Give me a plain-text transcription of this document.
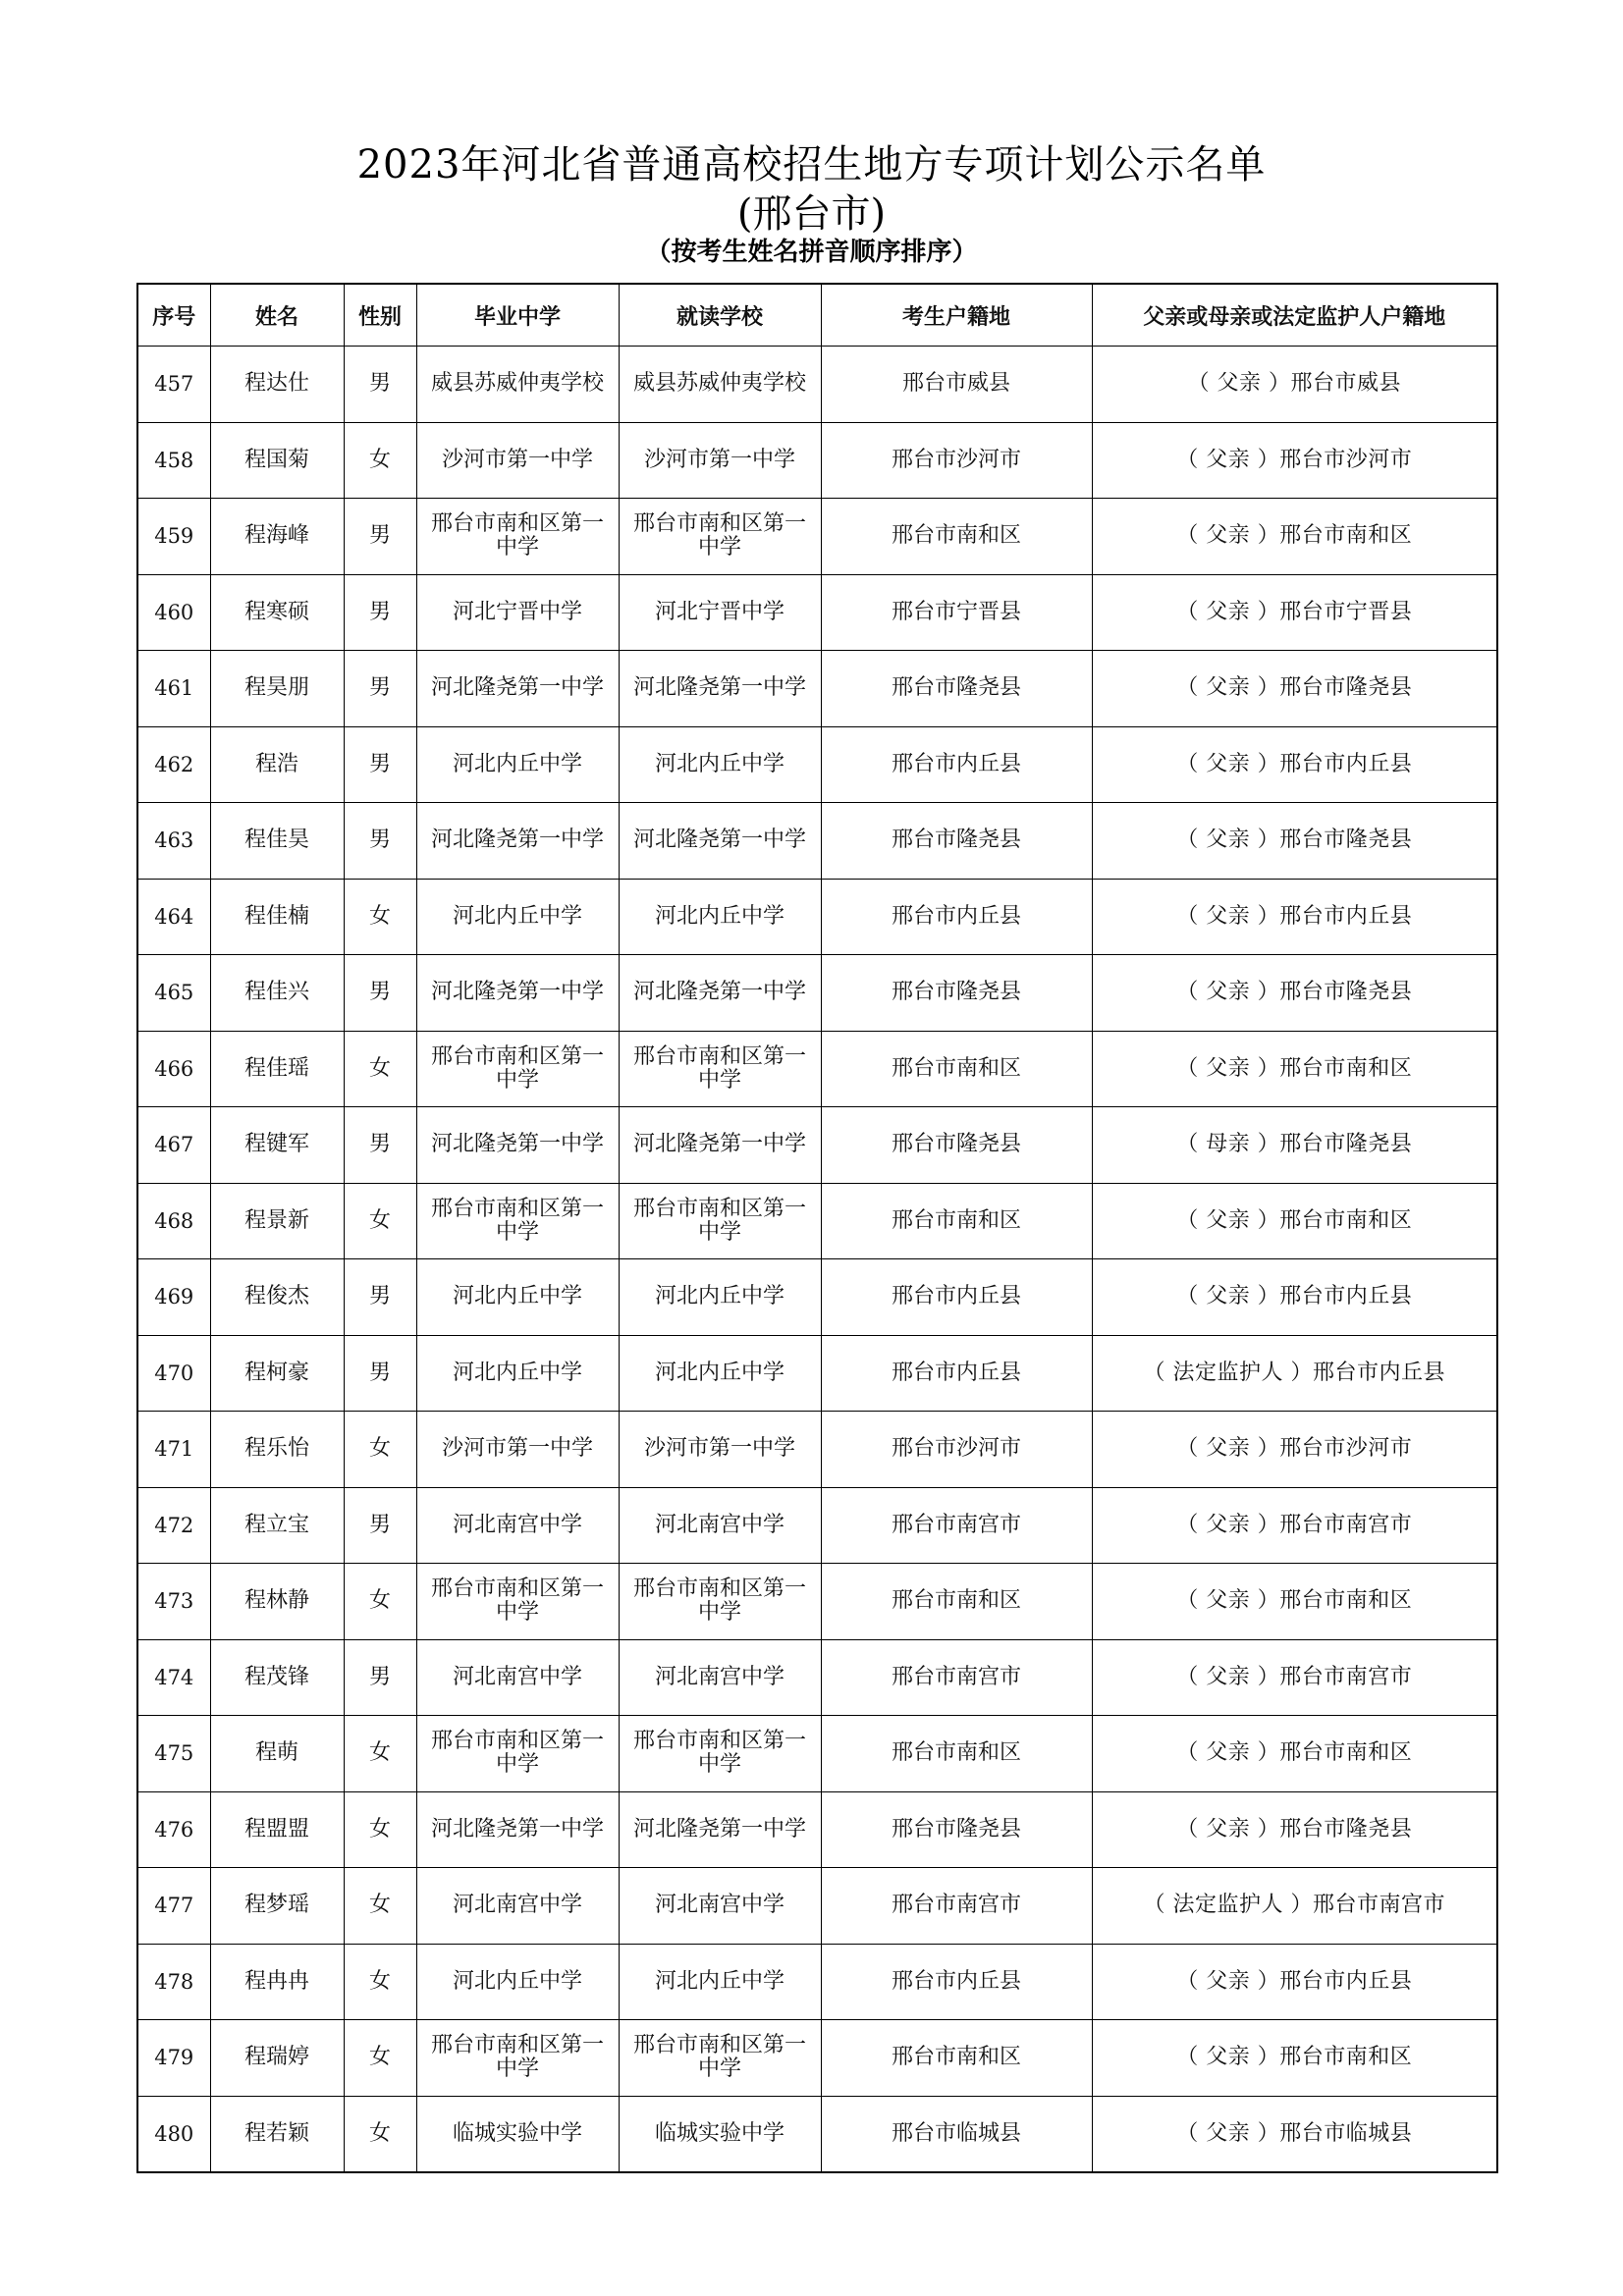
2023年河北省普通高校招生地方专项计划公示名单
(邢台市)
（按考生姓名拼音顺序排序）
序号	姓名	性别	毕业中学	就读学校	考生户籍地	父亲或母亲或法定监护人户籍地
457	程达仕	男	威县苏威仲夷学校	威县苏威仲夷学校	邢台市威县	（ 父亲 ）邢台市威县
458	程国菊	女	沙河市第一中学	沙河市第一中学	邢台市沙河市	（ 父亲 ）邢台市沙河市
459	程海峰	男	邢台市南和区第一中学	邢台市南和区第一中学	邢台市南和区	（ 父亲 ）邢台市南和区
460	程寒硕	男	河北宁晋中学	河北宁晋中学	邢台市宁晋县	（ 父亲 ）邢台市宁晋县
461	程昊朋	男	河北隆尧第一中学	河北隆尧第一中学	邢台市隆尧县	（ 父亲 ）邢台市隆尧县
462	程浩	男	河北内丘中学	河北内丘中学	邢台市内丘县	（ 父亲 ）邢台市内丘县
463	程佳昊	男	河北隆尧第一中学	河北隆尧第一中学	邢台市隆尧县	（ 父亲 ）邢台市隆尧县
464	程佳楠	女	河北内丘中学	河北内丘中学	邢台市内丘县	（ 父亲 ）邢台市内丘县
465	程佳兴	男	河北隆尧第一中学	河北隆尧第一中学	邢台市隆尧县	（ 父亲 ）邢台市隆尧县
466	程佳瑶	女	邢台市南和区第一中学	邢台市南和区第一中学	邢台市南和区	（ 父亲 ）邢台市南和区
467	程键军	男	河北隆尧第一中学	河北隆尧第一中学	邢台市隆尧县	（ 母亲 ）邢台市隆尧县
468	程景新	女	邢台市南和区第一中学	邢台市南和区第一中学	邢台市南和区	（ 父亲 ）邢台市南和区
469	程俊杰	男	河北内丘中学	河北内丘中学	邢台市内丘县	（ 父亲 ）邢台市内丘县
470	程柯豪	男	河北内丘中学	河北内丘中学	邢台市内丘县	（ 法定监护人 ）邢台市内丘县
471	程乐怡	女	沙河市第一中学	沙河市第一中学	邢台市沙河市	（ 父亲 ）邢台市沙河市
472	程立宝	男	河北南宫中学	河北南宫中学	邢台市南宫市	（ 父亲 ）邢台市南宫市
473	程林静	女	邢台市南和区第一中学	邢台市南和区第一中学	邢台市南和区	（ 父亲 ）邢台市南和区
474	程茂锋	男	河北南宫中学	河北南宫中学	邢台市南宫市	（ 父亲 ）邢台市南宫市
475	程萌	女	邢台市南和区第一中学	邢台市南和区第一中学	邢台市南和区	（ 父亲 ）邢台市南和区
476	程盟盟	女	河北隆尧第一中学	河北隆尧第一中学	邢台市隆尧县	（ 父亲 ）邢台市隆尧县
477	程梦瑶	女	河北南宫中学	河北南宫中学	邢台市南宫市	（ 法定监护人 ）邢台市南宫市
478	程冉冉	女	河北内丘中学	河北内丘中学	邢台市内丘县	（ 父亲 ）邢台市内丘县
479	程瑞婷	女	邢台市南和区第一中学	邢台市南和区第一中学	邢台市南和区	（ 父亲 ）邢台市南和区
480	程若颖	女	临城实验中学	临城实验中学	邢台市临城县	（ 父亲 ）邢台市临城县
